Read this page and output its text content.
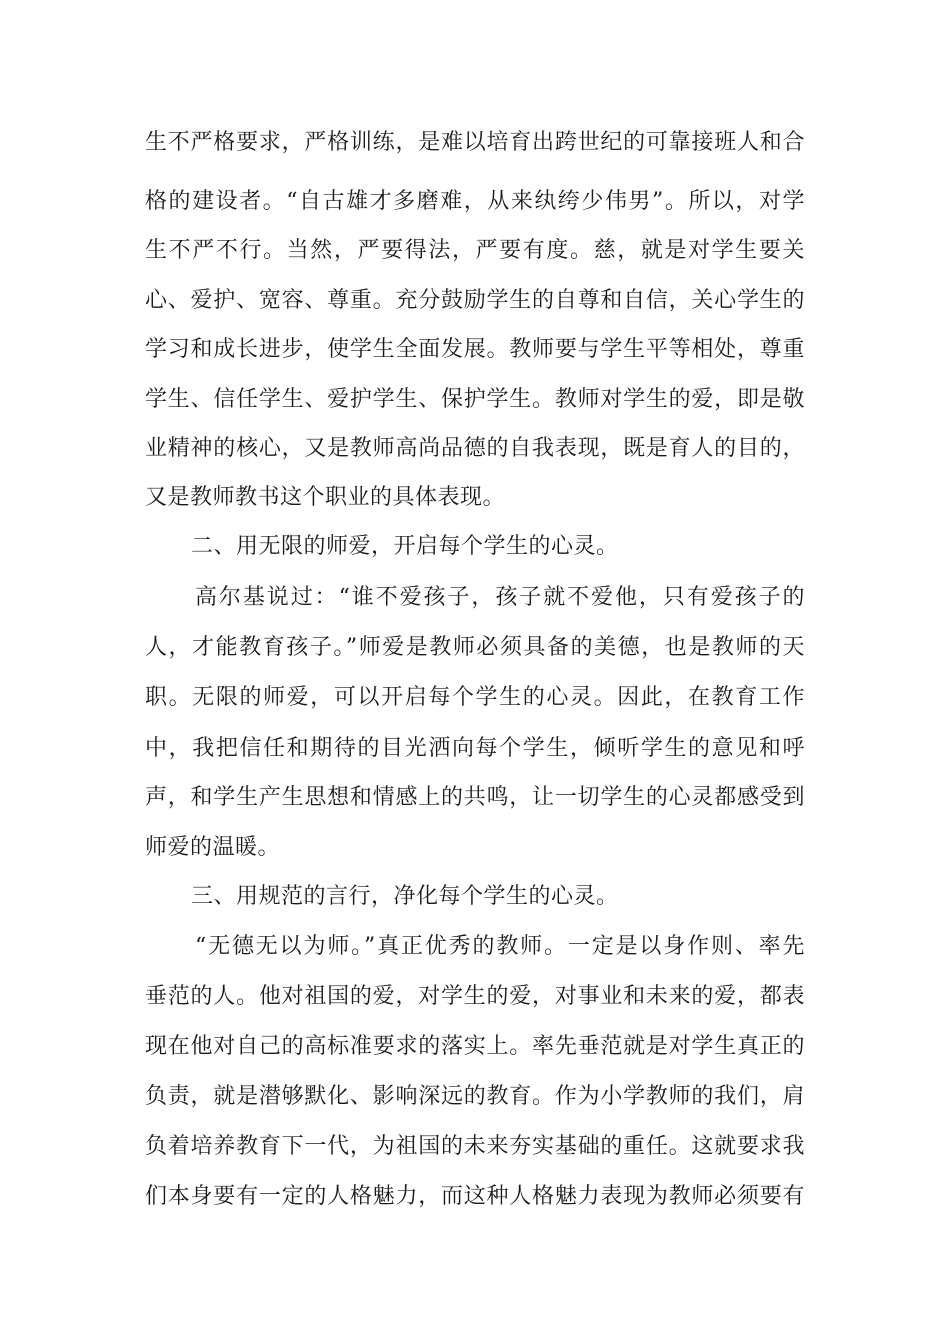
生不严格要求，严格训练，是难以培育出跨世纪的可靠接班人和合
格的建设者。“自古雄才多磨难，从来纨绔少伟男”。所以，对学
生不严不行。当然，严要得法，严要有度。慈，就是对学生要关
心、爱护、宽容、尊重。充分鼓励学生的自尊和自信，关心学生的
学习和成长进步，使学生全面发展。教师要与学生平等相处，尊重
学生、信任学生、爱护学生、保护学生。教师对学生的爱，即是敬
业精神的核心，又是教师高尚品德的自我表现，既是育人的目的，
又是教师教书这个职业的具体表现。
二、用无限的师爱，开启每个学生的心灵。
高尔基说过：“谁不爱孩子，孩子就不爱他，只有爱孩子的
人，才能教育孩子。”师爱是教师必须具备的美德，也是教师的天
职。无限的师爱，可以开启每个学生的心灵。因此，在教育工作
中，我把信任和期待的目光洒向每个学生，倾听学生的意见和呼
声，和学生产生思想和情感上的共鸣，让一切学生的心灵都感受到
师爱的温暖。
三、用规范的言行，净化每个学生的心灵。
“无德无以为师。”真正优秀的教师。一定是以身作则、率先
垂范的人。他对祖国的爱，对学生的爱，对事业和未来的爱，都表
现在他对自己的高标准要求的落实上。率先垂范就是对学生真正的
负责，就是潜够默化、影响深远的教育。作为小学教师的我们，肩
负着培养教育下一代，为祖国的未来夯实基础的重任。这就要求我
们本身要有一定的人格魅力，而这种人格魅力表现为教师必须要有
